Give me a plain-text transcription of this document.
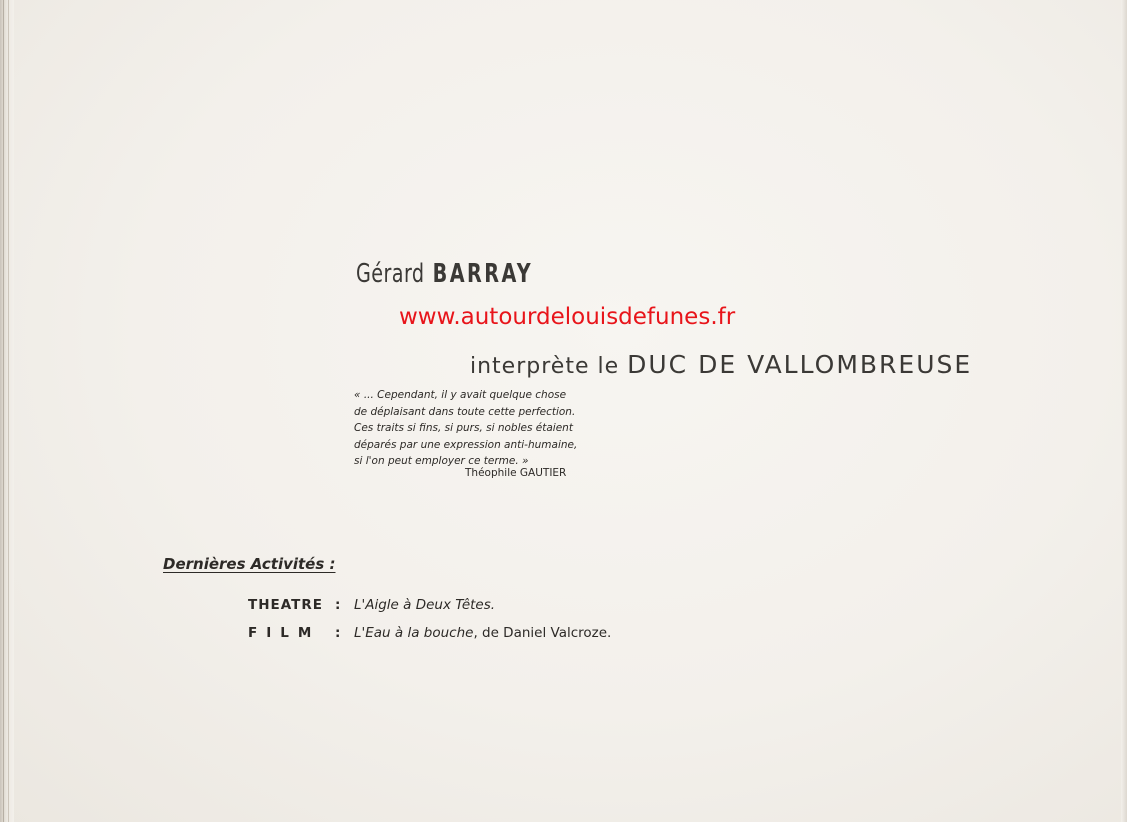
Gérard BARRAY
www.autourdelouisdefunes.fr
interprète le DUC DE VALLOMBREUSE
« ... Cependant, il y avait quelque chose
de déplaisant dans toute cette perfection.
Ces traits si fins, si purs, si nobles étaient
déparés par une expression anti-humaine,
si l'on peut employer ce terme. »
Théophile GAUTIER
Dernières Activités :
THEATRE : L'Aigle à Deux Têtes.
FILM : L'Eau à la bouche, de Daniel Valcroze.
